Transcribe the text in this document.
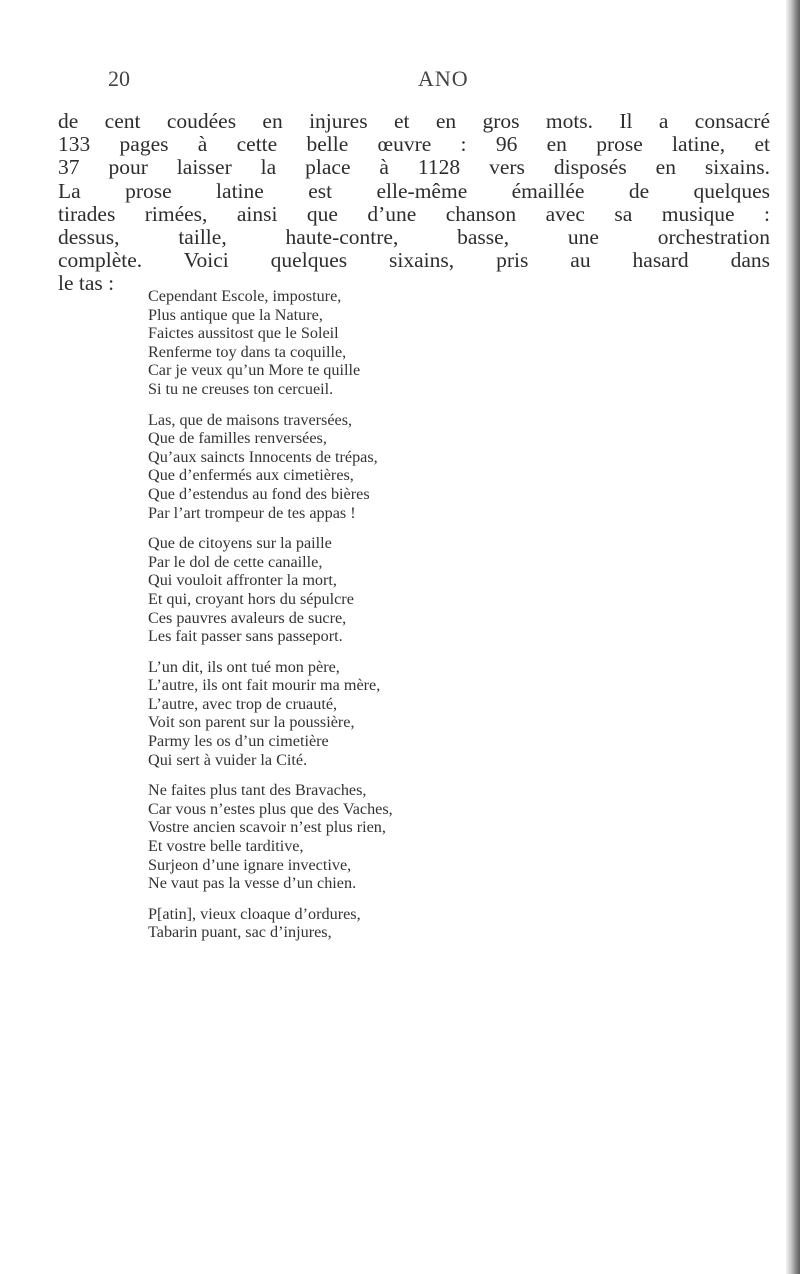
20	ANO
de cent coudées en injures et en gros mots. Il a consacré
133 pages à cette belle œuvre : 96 en prose latine, et
37 pour laisser la place à 1128 vers disposés en sixains.
La prose latine est elle-même émaillée de quelques
tirades rimées, ainsi que d’une chanson avec sa musique :
dessus, taille, haute-contre, basse, une orchestration
complète. Voici quelques sixains, pris au hasard dans
le tas :
Cependant Escole, imposture,
Plus antique que la Nature,
Faictes aussitost que le Soleil
Renferme toy dans ta coquille,
Car je veux qu’un More te quille
Si tu ne creuses ton cercueil.
Las, que de maisons traversées,
Que de familles renversées,
Qu’aux saincts Innocents de trépas,
Que d’enfermés aux cimetières,
Que d’estendus au fond des bières
Par l’art trompeur de tes appas !
Que de citoyens sur la paille
Par le dol de cette canaille,
Qui vouloit affronter la mort,
Et qui, croyant hors du sépulcre
Ces pauvres avaleurs de sucre,
Les fait passer sans passeport.
L’un dit, ils ont tué mon père,
L’autre, ils ont fait mourir ma mère,
L’autre, avec trop de cruauté,
Voit son parent sur la poussière,
Parmy les os d’un cimetière
Qui sert à vuider la Cité.
Ne faites plus tant des Bravaches,
Car vous n’estes plus que des Vaches,
Vostre ancien scavoir n’est plus rien,
Et vostre belle tarditive,
Surjeon d’une ignare invective,
Ne vaut pas la vesse d’un chien.
P[atin], vieux cloaque d’ordures,
Tabarin puant, sac d’injures,
